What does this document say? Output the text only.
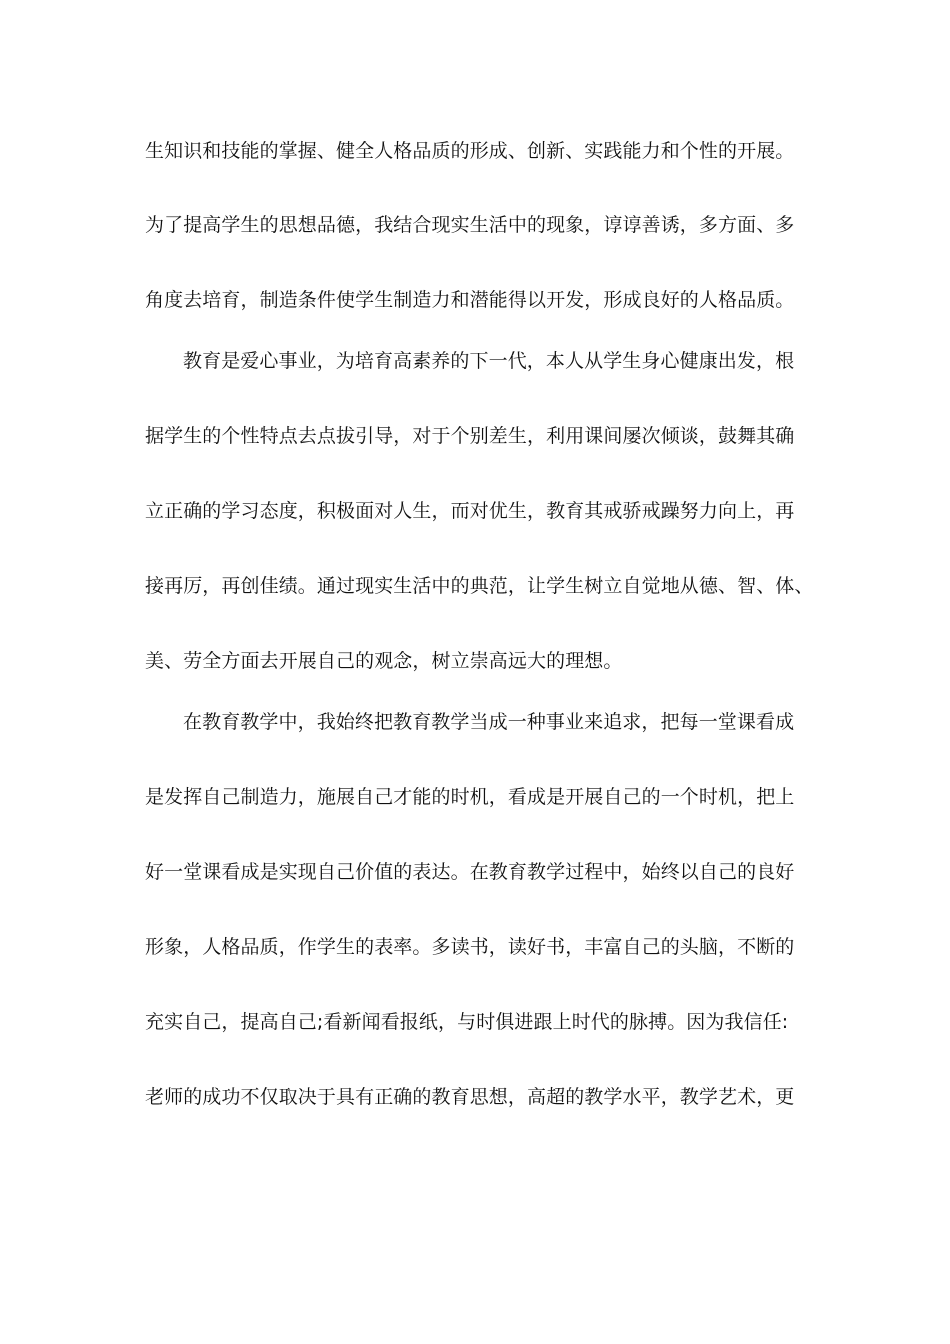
生知识和技能的掌握、健全人格品质的形成、创新、实践能力和个性的开展。
为了提高学生的思想品德，我结合现实生活中的现象，谆谆善诱，多方面、多
角度去培育，制造条件使学生制造力和潜能得以开发，形成良好的人格品质。
教育是爱心事业，为培育高素养的下一代，本人从学生身心健康出发，根
据学生的个性特点去点拔引导，对于个别差生，利用课间屡次倾谈，鼓舞其确
立正确的学习态度，积极面对人生，而对优生，教育其戒骄戒躁努力向上，再
接再厉，再创佳绩。通过现实生活中的典范，让学生树立自觉地从德、智、体、
美、劳全方面去开展自己的观念，树立崇高远大的理想。
在教育教学中，我始终把教育教学当成一种事业来追求，把每一堂课看成
是发挥自己制造力，施展自己才能的时机，看成是开展自己的一个时机，把上
好一堂课看成是实现自己价值的表达。在教育教学过程中，始终以自己的良好
形象，人格品质，作学生的表率。多读书，读好书，丰富自己的头脑，不断的
充实自己，提高自己;看新闻看报纸，与时俱进跟上时代的脉搏。因为我信任:
老师的成功不仅取决于具有正确的教育思想，高超的教学水平，教学艺术，更
